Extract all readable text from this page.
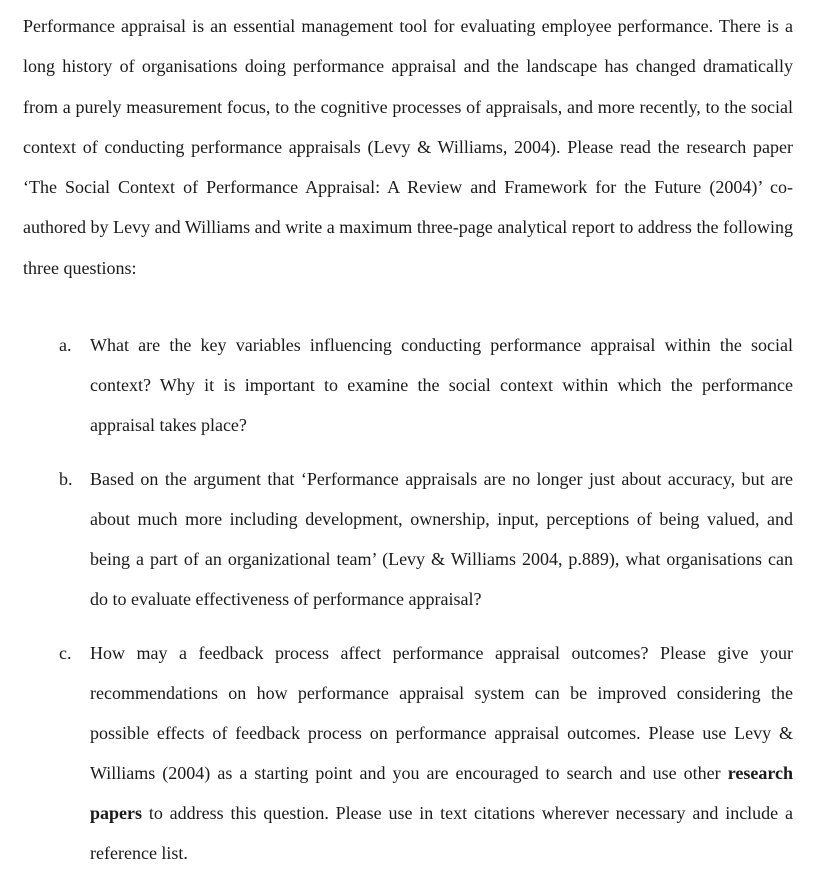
Performance appraisal is an essential management tool for evaluating employee performance. There is a long history of organisations doing performance appraisal and the landscape has changed dramatically from a purely measurement focus, to the cognitive processes of appraisals, and more recently, to the social context of conducting performance appraisals (Levy & Williams, 2004). Please read the research paper ‘The Social Context of Performance Appraisal: A Review and Framework for the Future (2004)’ co-authored by Levy and Williams and write a maximum three-page analytical report to address the following three questions:

a. What are the key variables influencing conducting performance appraisal within the social context? Why it is important to examine the social context within which the performance appraisal takes place?
b. Based on the argument that ‘Performance appraisals are no longer just about accuracy, but are about much more including development, ownership, input, perceptions of being valued, and being a part of an organizational team’ (Levy & Williams 2004, p.889), what organisations can do to evaluate effectiveness of performance appraisal?
c. How may a feedback process affect performance appraisal outcomes? Please give your recommendations on how performance appraisal system can be improved considering the possible effects of feedback process on performance appraisal outcomes. Please use Levy & Williams (2004) as a starting point and you are encouraged to search and use other research papers to address this question. Please use in text citations wherever necessary and include a reference list.
